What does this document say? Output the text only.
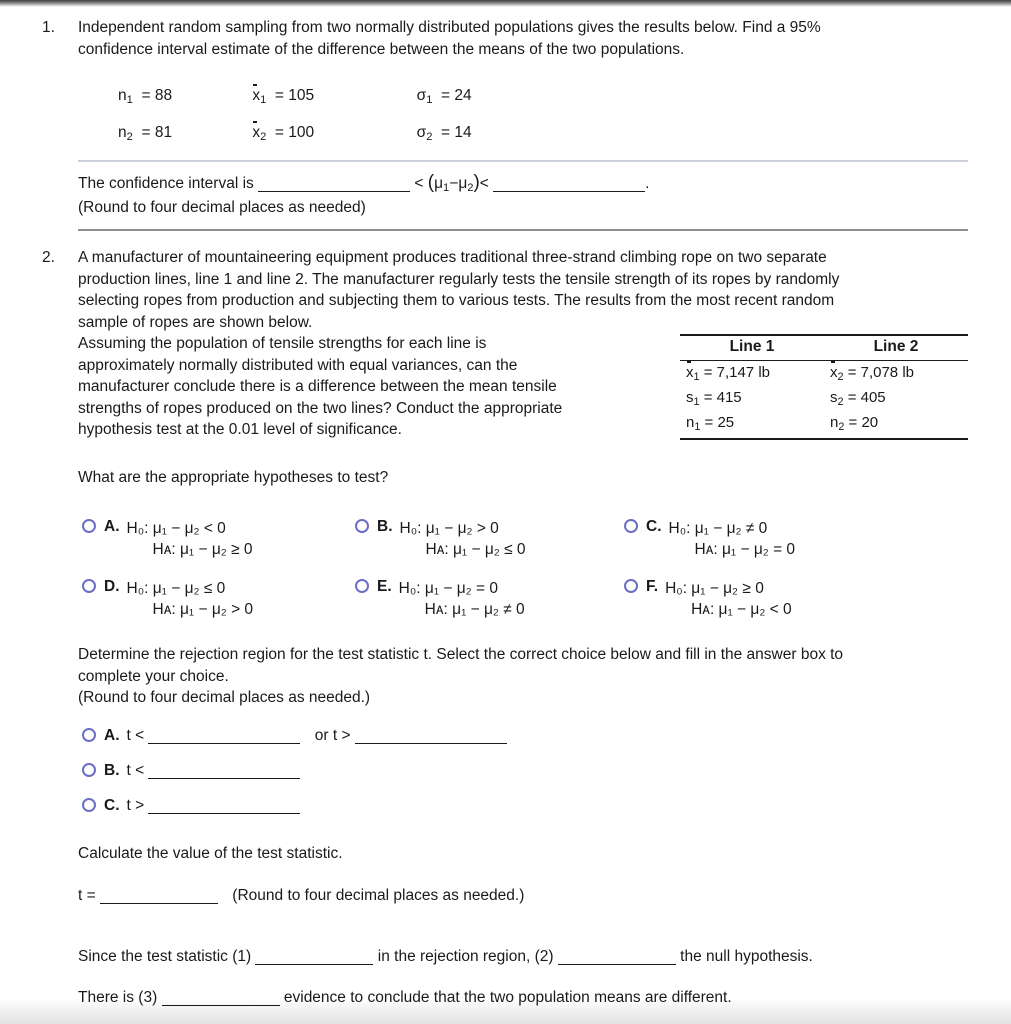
1. Independent random sampling from two normally distributed populations gives the results below. Find a 95%
confidence interval estimate of the difference between the means of the two populations.
$n_1 = 88$	$x_1 = 105$	$\sigma_1 = 24$
$n_2 = 81$	$x_2 = 100$	$\sigma_2 = 14$
The confidence interval is	< $(\mu_1-\mu_2)<$	.
(Round to four decimal places as needed)
2. A manufacturer of mountaineering equipment produces traditional three-strand climbing rope on two separate
production lines, line 1 and line 2. The manufacturer regularly tests the tensile strength of its ropes by randomly
selecting ropes from production and subjecting them to various tests. The results from the most recent random
sample of ropes are shown below.
Assuming the population of tensile strengths for each line is
approximately normally distributed with equal variances, can the
manufacturer conclude there is a difference between the mean tensile
strengths of ropes produced on the two lines? Conduct the appropriate
hypothesis test at the 0.01 level of significance.
Line 1	Line 2
$x_1 = 7,147$ lb	$x_2 = 7,078$ lb
$s_1 = 415$	$s_2 = 405$
$n_1 = 25$	$n_2 = 20$
What are the appropriate hypotheses to test?
A. H₀: μ₁ − μ₂ < 0
Hᴀ: μ₁ − μ₂ ≥ 0
B. H₀: μ₁ − μ₂ > 0
Hᴀ: μ₁ − μ₂ ≤ 0
C. H₀: μ₁ − μ₂ ≠ 0
Hᴀ: μ₁ − μ₂ = 0
D. H₀: μ₁ − μ₂ ≤ 0
Hᴀ: μ₁ − μ₂ > 0
E. H₀: μ₁ − μ₂ = 0
Hᴀ: μ₁ − μ₂ ≠ 0
F. H₀: μ₁ − μ₂ ≥ 0
Hᴀ: μ₁ − μ₂ < 0
Determine the rejection region for the test statistic t. Select the correct choice below and fill in the answer box to
complete your choice.
(Round to four decimal places as needed.)
A. t <	or t >
B. t <
C. t >
Calculate the value of the test statistic.
t =	(Round to four decimal places as needed.)
Since the test statistic (1)	in the rejection region, (2)	the null hypothesis.
There is (3)	evidence to conclude that the two population means are different.
